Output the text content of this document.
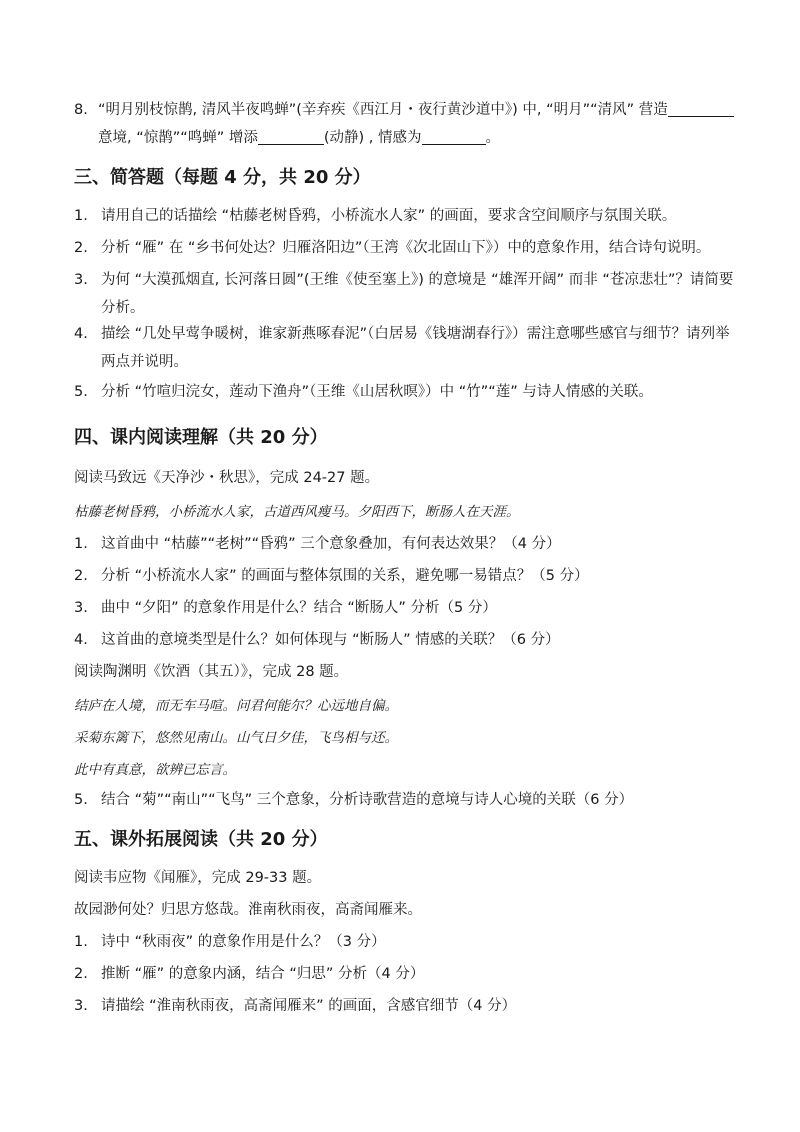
8. “明月别枝惊鹊, 清风半夜鸣蝉”(辛弃疾《西江月・夜行黄沙道中》) 中, “明月”“清风” 营造 意境, “惊鹊”“鸣蝉” 增添	(动静) , 情感为	。
三、简答题（每题 4 分，共 20 分）
1. 请用自己的话描绘 “枯藤老树昏鸦，小桥流水人家” 的画面，要求含空间顺序与氛围关联。
2. 分析 “雁” 在 “乡书何处达？归雁洛阳边”（王湾《次北固山下》）中的意象作用，结合诗句说明。
3. 为何 “大漠孤烟直, 长河落日圆”(王维《使至塞上》) 的意境是 “雄浑开阔” 而非 “苍凉悲壮”？请简要分析。
4. 描绘 “几处早莺争暖树，谁家新燕啄春泥”（白居易《钱塘湖春行》）需注意哪些感官与细节？请列举两点并说明。
5. 分析 “竹喧归浣女，莲动下渔舟”（王维《山居秋暝》）中 “竹”“莲” 与诗人情感的关联。
四、课内阅读理解（共 20 分）
阅读马致远《天净沙・秋思》，完成 24-27 题。
枯藤老树昏鸦，小桥流水人家，古道西风瘦马。夕阳西下，断肠人在天涯。
1. 这首曲中 “枯藤”“老树”“昏鸦” 三个意象叠加，有何表达效果？（4 分）
2. 分析 “小桥流水人家” 的画面与整体氛围的关系，避免哪一易错点？（5 分）
3. 曲中 “夕阳” 的意象作用是什么？结合 “断肠人” 分析（5 分）
4. 这首曲的意境类型是什么？如何体现与 “断肠人” 情感的关联？（6 分）
阅读陶渊明《饮酒（其五）》，完成 28 题。
结庐在人境，而无车马喧。问君何能尔？心远地自偏。
采菊东篱下，悠然见南山。山气日夕佳，飞鸟相与还。
此中有真意，欲辨已忘言。
5. 结合 “菊”“南山”“飞鸟” 三个意象，分析诗歌营造的意境与诗人心境的关联（6 分）
五、课外拓展阅读（共 20 分）
阅读韦应物《闻雁》，完成 29-33 题。
故园渺何处？归思方悠哉。淮南秋雨夜，高斋闻雁来。
1. 诗中 “秋雨夜” 的意象作用是什么？（3 分）
2. 推断 “雁” 的意象内涵，结合 “归思” 分析（4 分）
3. 请描绘 “淮南秋雨夜，高斋闻雁来” 的画面，含感官细节（4 分）
